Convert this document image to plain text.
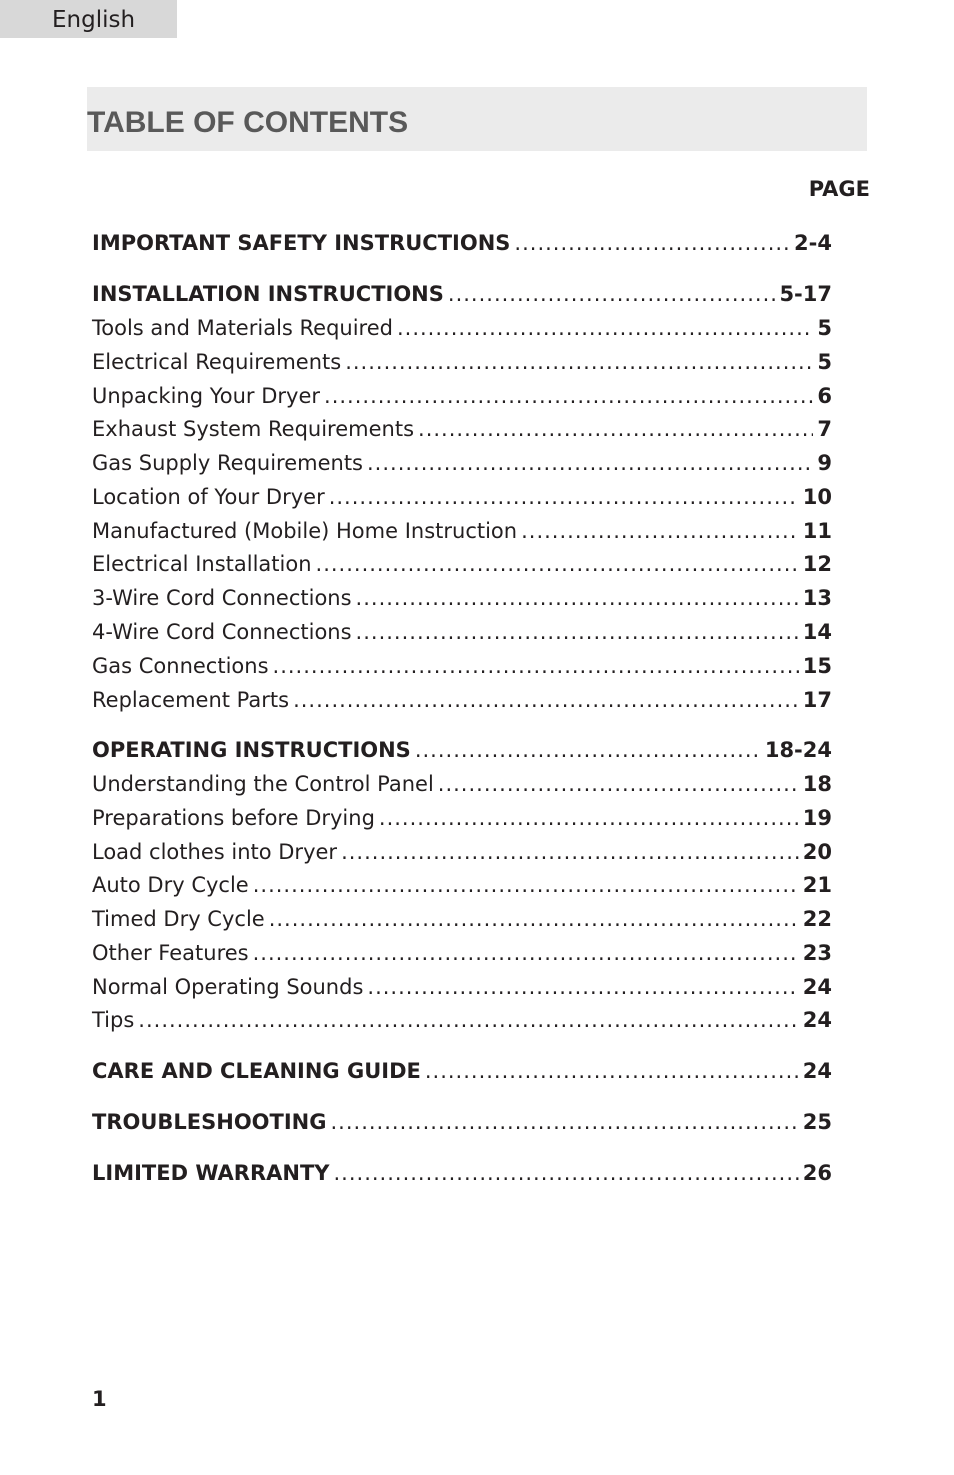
English
TABLE OF CONTENTS
PAGE
IMPORTANT SAFETY INSTRUCTIONS .....	2-4
INSTALLATION INSTRUCTIONS .....	5-17
Tools and Materials Required .....	5
Electrical Requirements .....	5
Unpacking Your Dryer .....	6
Exhaust System Requirements .....	7
Gas Supply Requirements .....	9
Location of Your Dryer .....	10
Manufactured (Mobile) Home Instruction .....	11
Electrical Installation .....	12
3-Wire Cord Connections .....	13
4-Wire Cord Connections .....	14
Gas Connections .....	15
Replacement Parts .....	17
OPERATING INSTRUCTIONS .....	18-24
Understanding the Control Panel .....	18
Preparations before Drying .....	19
Load clothes into Dryer .....	20
Auto Dry Cycle .....	21
Timed Dry Cycle .....	22
Other Features .....	23
Normal Operating Sounds .....	24
Tips .....	24
CARE AND CLEANING GUIDE .....	24
TROUBLESHOOTING .....	25
LIMITED WARRANTY .....	26
1
